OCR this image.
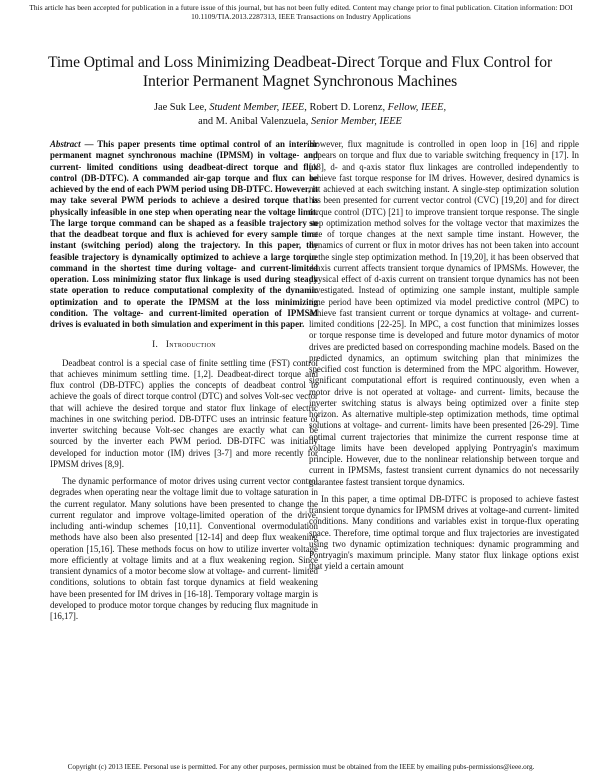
This article has been accepted for publication in a future issue of this journal, but has not been fully edited. Content may change prior to final publication. Citation information: DOI 10.1109/TIA.2013.2287313, IEEE Transactions on Industry Applications
Time Optimal and Loss Minimizing Deadbeat-Direct Torque and Flux Control for Interior Permanent Magnet Synchronous Machines
Jae Suk Lee, Student Member, IEEE, Robert D. Lorenz, Fellow, IEEE,
and M. Anibal Valenzuela, Senior Member, IEEE

Abstract — This paper presents time optimal control of an interior permanent magnet synchronous machine (IPMSM) in voltage- and current- limited conditions using deadbeat-direct torque and flux control (DB-DTFC). A commanded air-gap torque and flux can be achieved by the end of each PWM period using DB-DTFC. However, it may take several PWM periods to achieve a desired torque that is physically infeasible in one step when operating near the voltage limit. The large torque command can be shaped as a feasible trajectory so that the deadbeat torque and flux is achieved for every sample time instant (switching period) along the trajectory. In this paper, the feasible trajectory is dynamically optimized to achieve a large torque command in the shortest time during voltage- and current-limited operation. Loss minimizing stator flux linkage is used during steady state operation to reduce computational complexity of the dynamic optimization and to operate the IPMSM at the loss minimizing condition. The voltage- and current-limited operation of IPMSM drives is evaluated in both simulation and experiment in this paper.

I. Introduction

Deadbeat control is a special case of finite settling time (FST) control that achieves minimum settling time. [1,2]. Deadbeat-direct torque and flux control (DB-DTFC) applies the concepts of deadbeat control to achieve the goals of direct torque control (DTC) and solves Volt-sec vector that will achieve the desired torque and stator flux linkage of electric machines in one switching period. DB-DTFC uses an intrinsic feature of inverter switching because Volt-sec changes are exactly what can be sourced by the inverter each PWM period. DB-DTFC was initially developed for induction motor (IM) drives [3-7] and more recently for IPMSM drives [8,9].

The dynamic performance of motor drives using current vector control degrades when operating near the voltage limit due to voltage saturation in the current regulator. Many solutions have been presented to change the current regulator and improve voltage-limited operation of the drive, including anti-windup schemes [10,11]. Conventional overmodulation methods have also been also presented [12-14] and deep flux weakening operation [15,16]. These methods focus on how to utilize inverter voltage more efficiently at voltage limits and at a flux weakening region. Since transient dynamics of a motor become slow at voltage- and current- limited conditions, solutions to obtain fast torque dynamics at field weakening have been presented for IM drives in [16-18]. Temporary voltage margin is developed to produce motor torque changes by reducing flux magnitude in [16,17].

However, flux magnitude is controlled in open loop in [16] and ripple appears on torque and flux due to variable switching frequency in [17]. In [18], d- and q-axis stator flux linkages are controlled independently to achieve fast torque response for IM drives. However, desired dynamics is not achieved at each switching instant. A single-step optimization solution has been presented for current vector control (CVC) [19,20] and for direct torque control (DTC) [21] to improve transient torque response. The single step optimization method solves for the voltage vector that maximizes the rate of torque changes at the next sample time instant. However, the dynamics of current or flux in motor drives has not been taken into account in the single step optimization method. In [19,20], it has been observed that d-axis current affects transient torque dynamics of IPMSMs. However, the physical effect of d-axis current on transient torque dynamics has not been investigated. Instead of optimizing one sample instant, multiple sample time period have been optimized via model predictive control (MPC) to achieve fast transient current or torque dynamics at voltage- and current- limited conditions [22-25]. In MPC, a cost function that minimizes losses or torque response time is developed and future motor dynamics of motor drives are predicted based on corresponding machine models. Based on the predicted dynamics, an optimum switching plan that minimizes the specified cost function is determined from the MPC algorithm. However, significant computational effort is required continuously, even when a motor drive is not operated at voltage- and current- limits, because the inverter switching status is always being optimized over a finite step horizon. As alternative multiple-step optimization methods, time optimal solutions at voltage- and current- limits have been presented [26-29]. Time optimal current trajectories that minimize the current response time at voltage limits have been developed applying Pontryagin's maximum principle. However, due to the nonlinear relationship between torque and current in IPMSMs, fastest transient current dynamics do not necessarily guarantee fastest transient torque dynamics.

In this paper, a time optimal DB-DTFC is proposed to achieve fastest transient torque dynamics for IPMSM drives at voltage-and current- limited conditions. Many conditions and variables exist in torque-flux operating space. Therefore, time optimal torque and flux trajectories are investigated using two dynamic optimization techniques: dynamic programming and Pontryagin's maximum principle. Many stator flux linkage options exist that yield a certain amount

Copyright (c) 2013 IEEE. Personal use is permitted. For any other purposes, permission must be obtained from the IEEE by emailing pubs-permissions@ieee.org.
